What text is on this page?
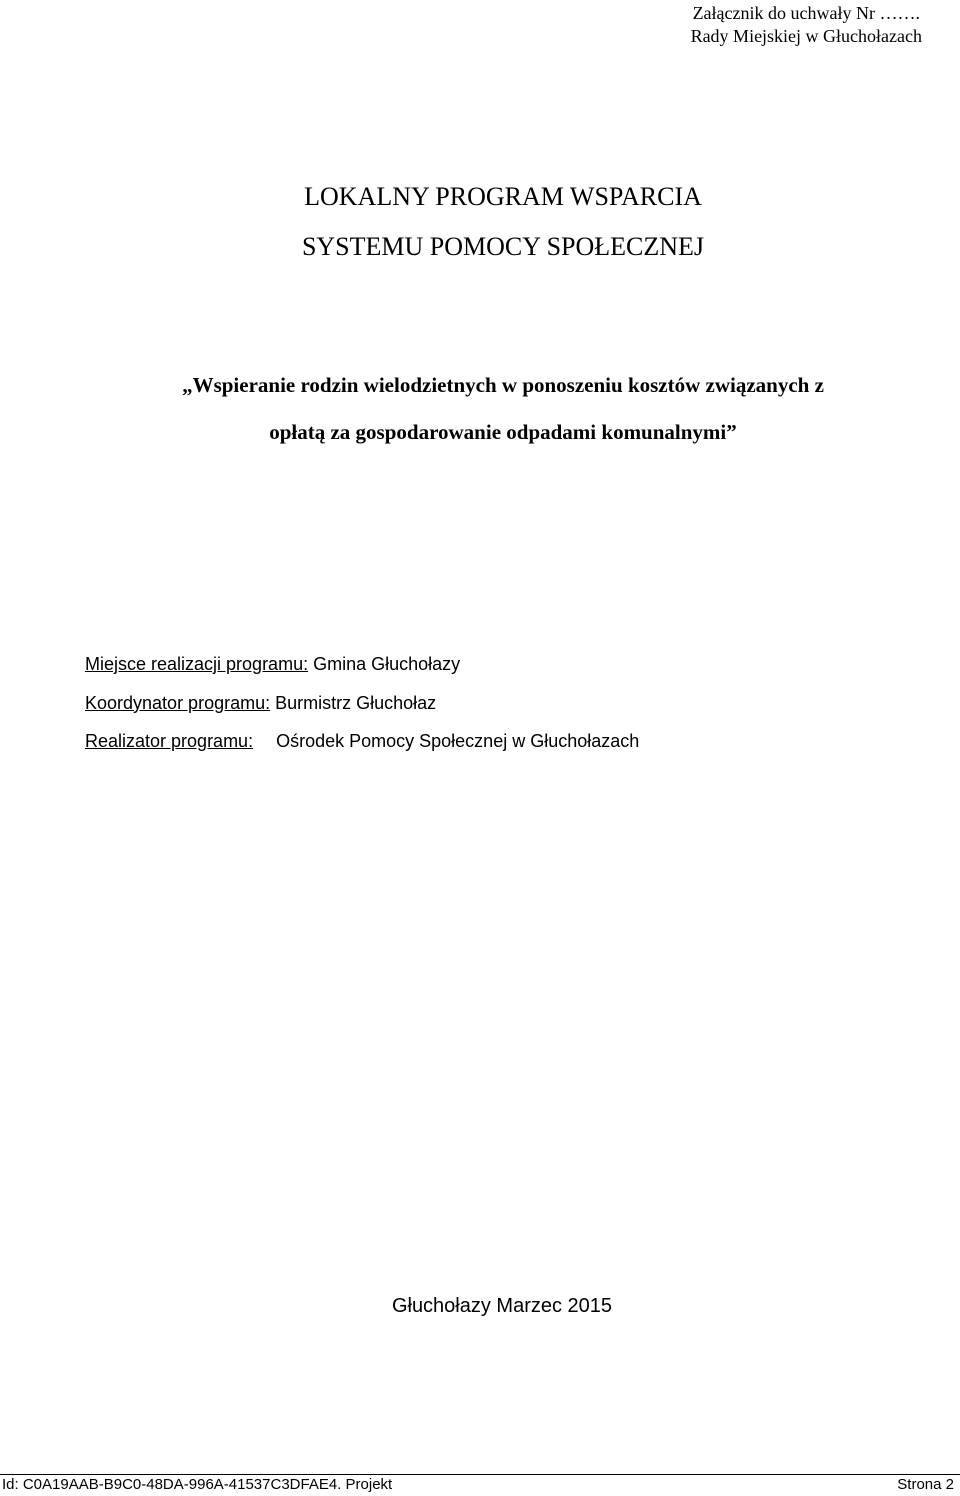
Załącznik do uchwały Nr …….
Rady Miejskiej w Głuchołazach
LOKALNY PROGRAM WSPARCIA
SYSTEMU POMOCY SPOŁECZNEJ
„Wspieranie rodzin wielodzietnych w ponoszeniu kosztów związanych z
opłatą za gospodarowanie odpadami komunalnymi”
Miejsce realizacji programu: Gmina Głuchołazy
Koordynator programu: Burmistrz Głuchołaz
Realizator programu: Ośrodek Pomocy Społecznej w Głuchołazach
Głuchołazy Marzec 2015
Id: C0A19AAB-B9C0-48DA-996A-41537C3DFAE4. Projekt	Strona 2
